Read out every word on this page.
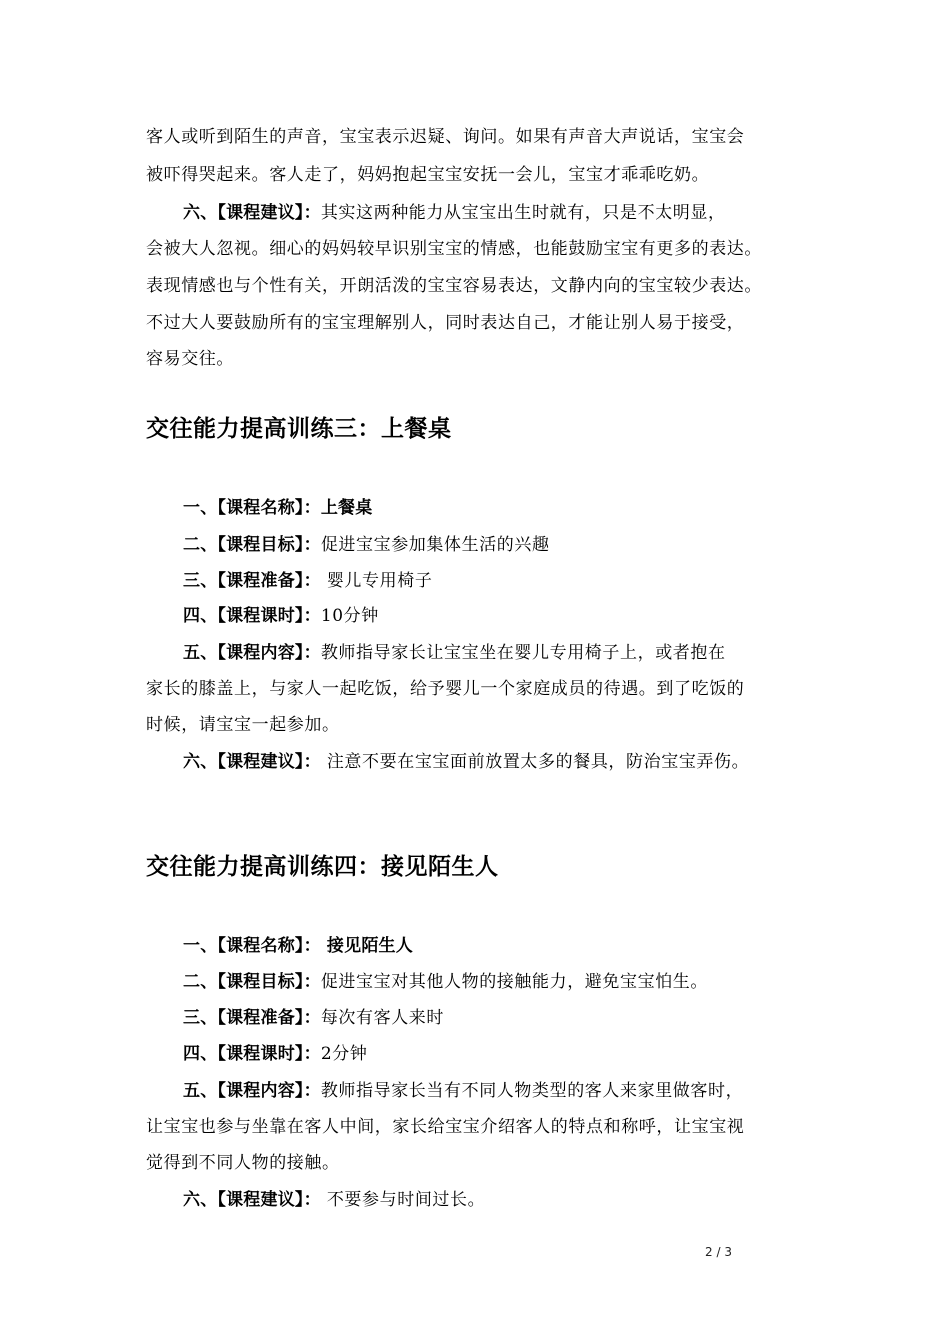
客人或听到陌生的声音，宝宝表示迟疑、询问。如果有声音大声说话，宝宝会
被吓得哭起来。客人走了，妈妈抱起宝宝安抚一会儿，宝宝才乖乖吃奶。
六、【课程建议】：其实这两种能力从宝宝出生时就有，只是不太明显，
会被大人忽视。细心的妈妈较早识别宝宝的情感，也能鼓励宝宝有更多的表达。
表现情感也与个性有关，开朗活泼的宝宝容易表达，文静内向的宝宝较少表达。
不过大人要鼓励所有的宝宝理解别人，同时表达自己，才能让别人易于接受，
容易交往。
交往能力提高训练三：上餐桌
一、【课程名称】：上餐桌
二、【课程目标】：促进宝宝参加集体生活的兴趣
三、【课程准备】： 婴儿专用椅子
四、【课程课时】：10分钟
五、【课程内容】：教师指导家长让宝宝坐在婴儿专用椅子上，或者抱在
家长的膝盖上，与家人一起吃饭，给予婴儿一个家庭成员的待遇。到了吃饭的
时候，请宝宝一起参加。
六、【课程建议】： 注意不要在宝宝面前放置太多的餐具，防治宝宝弄伤。
交往能力提高训练四：接见陌生人
一、【课程名称】： 接见陌生人
二、【课程目标】：促进宝宝对其他人物的接触能力，避免宝宝怕生。
三、【课程准备】：每次有客人来时
四、【课程课时】：2分钟
五、【课程内容】：教师指导家长当有不同人物类型的客人来家里做客时，
让宝宝也参与坐靠在客人中间，家长给宝宝介绍客人的特点和称呼，让宝宝视
觉得到不同人物的接触。
六、【课程建议】： 不要参与时间过长。
2 / 3
